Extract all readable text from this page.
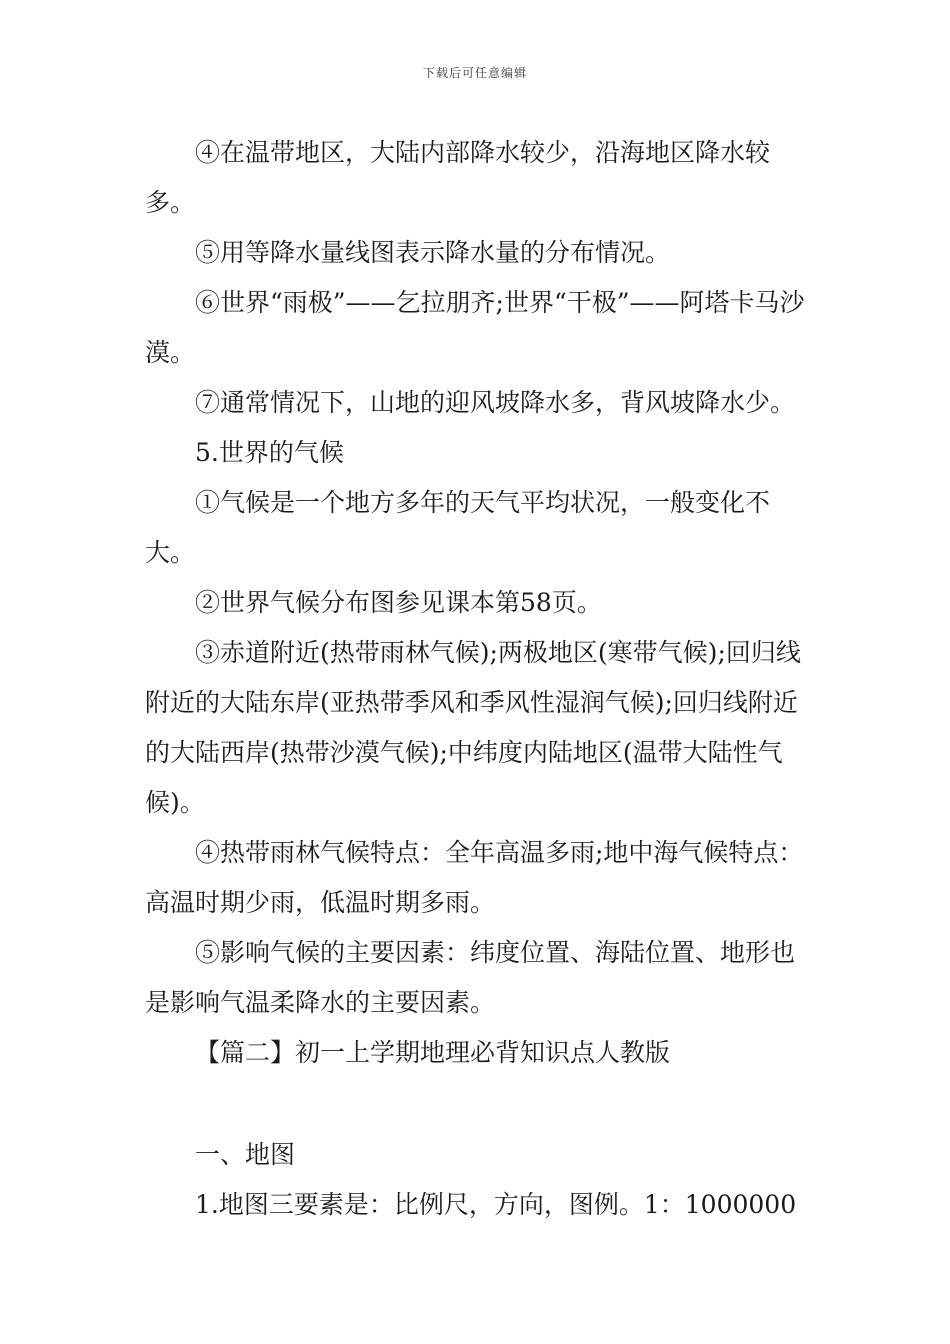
下载后可任意编辑

④在温带地区，大陆内部降水较少，沿海地区降水较多。

⑤用等降水量线图表示降水量的分布情况。

⑥世界“雨极”——乞拉朋齐;世界“干极”——阿塔卡马沙漠。

⑦通常情况下，山地的迎风坡降水多，背风坡降水少。

5.世界的气候

①气候是一个地方多年的天气平均状况，一般变化不大。

②世界气候分布图参见课本第58页。

③赤道附近(热带雨林气候);两极地区(寒带气候);回归线附近的大陆东岸(亚热带季风和季风性湿润气候);回归线附近的大陆西岸(热带沙漠气候);中纬度内陆地区(温带大陆性气候)。

④热带雨林气候特点：全年高温多雨;地中海气候特点：高温时期少雨，低温时期多雨。

⑤影响气候的主要因素：纬度位置、海陆位置、地形也是影响气温柔降水的主要因素。

【篇二】初一上学期地理必背知识点人教版

一、地图

1.地图三要素是：比例尺，方向，图例。1：1000000
